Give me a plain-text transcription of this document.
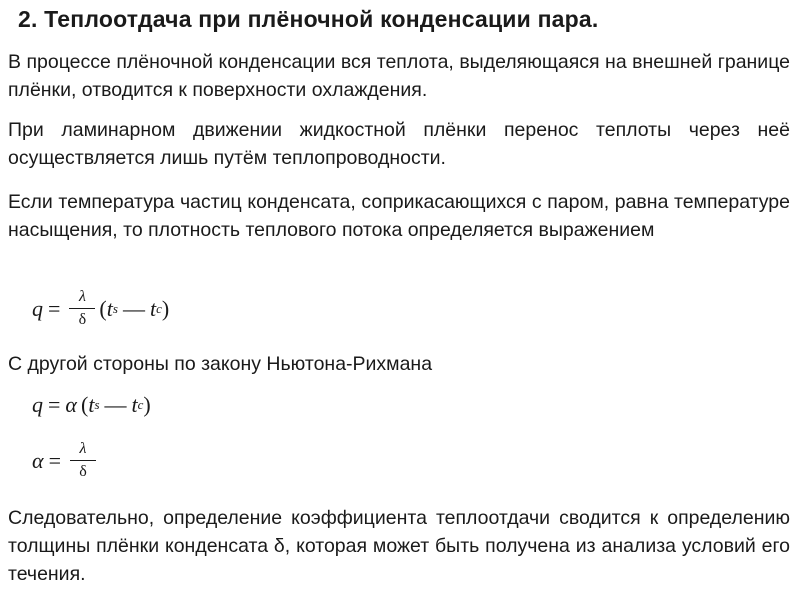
2. Теплоотдача при плёночной конденсации пара.
В процессе плёночной конденсации вся теплота, выделяющаяся на внешней границе плёнки, отводится к поверхности охлаждения.
При ламинарном движении жидкостной плёнки перенос теплоты через неё осуществляется лишь путём теплопроводности.
Если температура частиц конденсата, соприкасающихся с паром, равна температуре насыщения, то плотность теплового потока определяется выражением
$q = \frac{\lambda}{\delta}$ ( t s — t c )
С другой стороны по закону Ньютона-Рихмана
q = α ( t s — t c )
$\alpha = \frac{\lambda}{\delta}$
Следовательно, определение коэффициента теплоотдачи сводится к определению толщины плёнки конденсата δ, которая может быть получена из анализа условий его течения.
